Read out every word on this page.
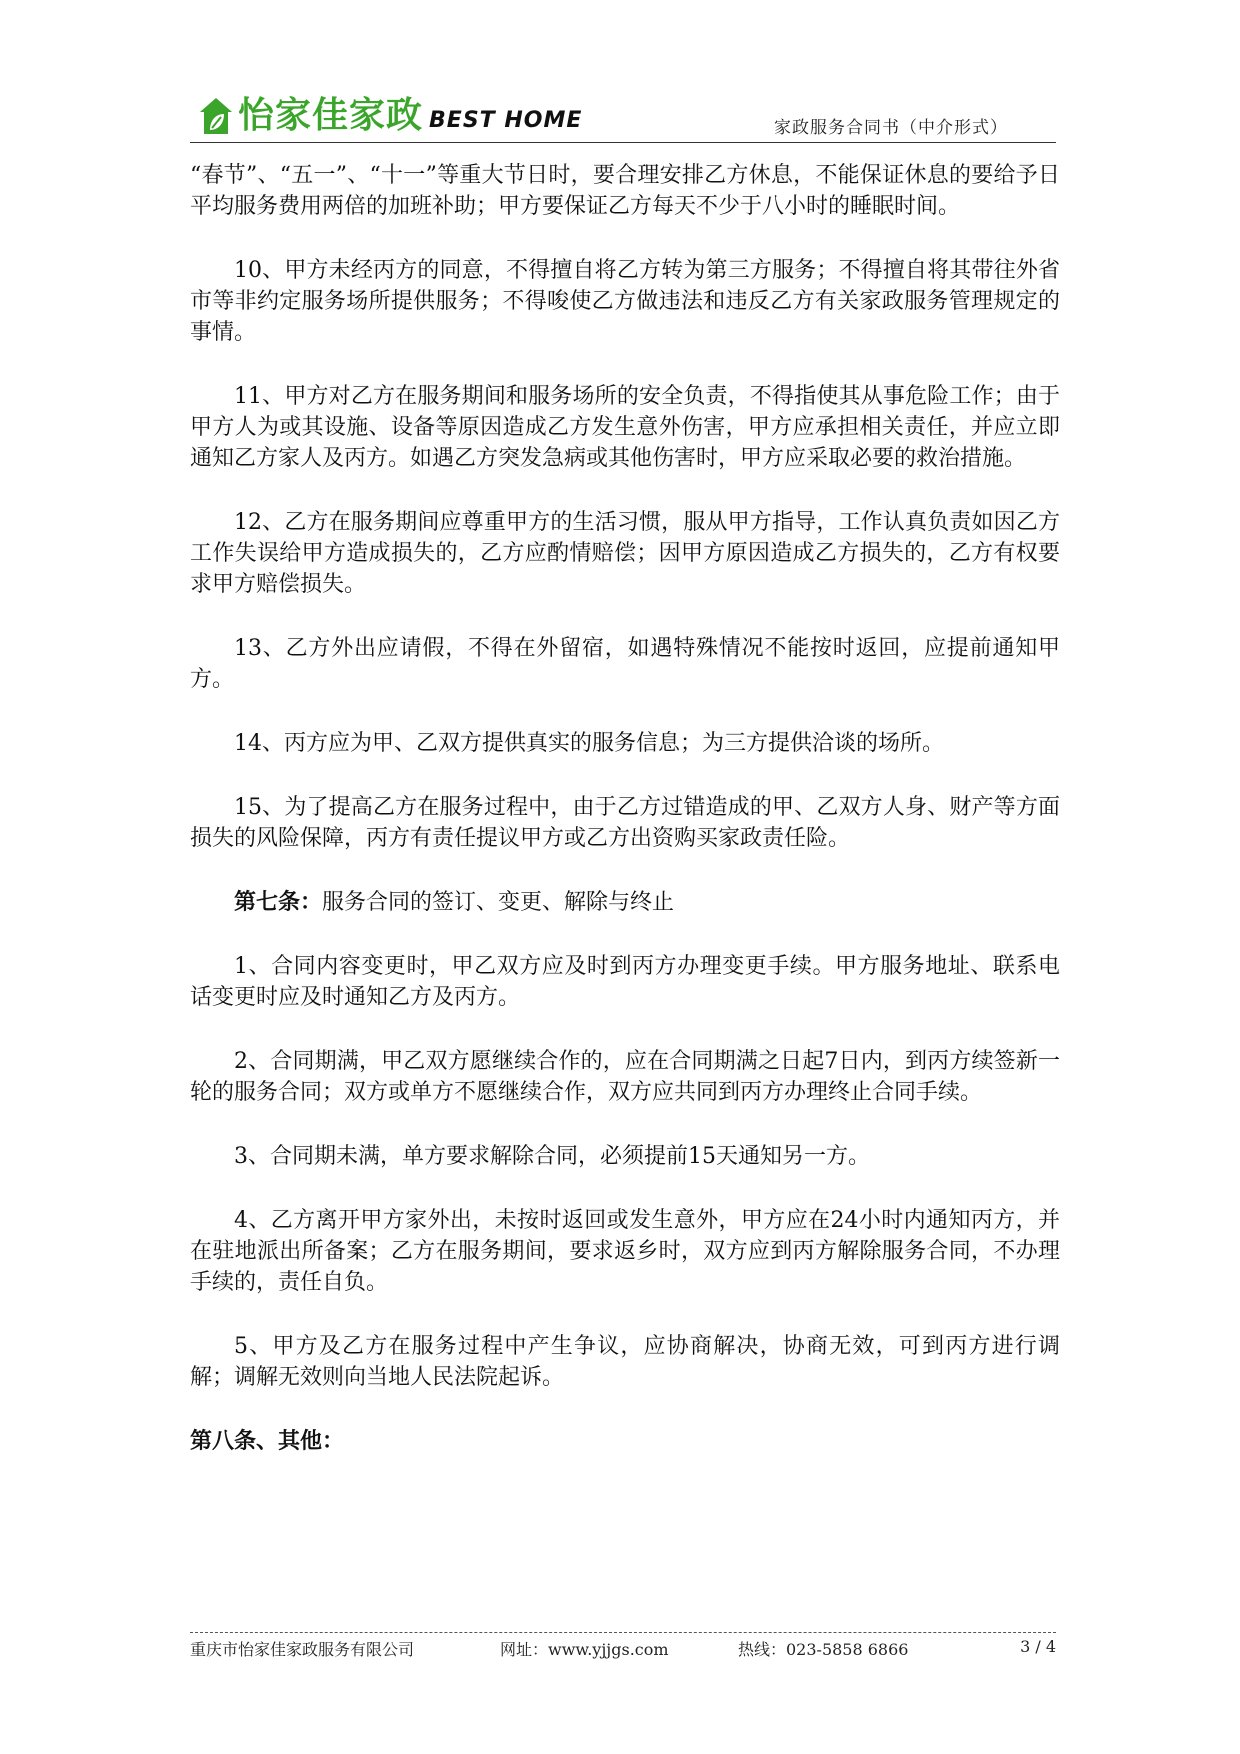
怡家佳家政 BEST HOME	家政服务合同书（中介形式）

“春节”、“五一”、“十一”等重大节日时，要合理安排乙方休息，不能保证休息的要给予日平均服务费用两倍的加班补助；甲方要保证乙方每天不少于八小时的睡眠时间。

10、甲方未经丙方的同意，不得擅自将乙方转为第三方服务；不得擅自将其带往外省市等非约定服务场所提供服务；不得唆使乙方做违法和违反乙方有关家政服务管理规定的事情。

11、甲方对乙方在服务期间和服务场所的安全负责，不得指使其从事危险工作；由于甲方人为或其设施、设备等原因造成乙方发生意外伤害，甲方应承担相关责任，并应立即通知乙方家人及丙方。如遇乙方突发急病或其他伤害时，甲方应采取必要的救治措施。

12、乙方在服务期间应尊重甲方的生活习惯，服从甲方指导，工作认真负责如因乙方工作失误给甲方造成损失的，乙方应酌情赔偿；因甲方原因造成乙方损失的，乙方有权要求甲方赔偿损失。

13、乙方外出应请假，不得在外留宿，如遇特殊情况不能按时返回，应提前通知甲方。

14、丙方应为甲、乙双方提供真实的服务信息；为三方提供洽谈的场所。

15、为了提高乙方在服务过程中，由于乙方过错造成的甲、乙双方人身、财产等方面损失的风险保障，丙方有责任提议甲方或乙方出资购买家政责任险。

第七条：服务合同的签订、变更、解除与终止

1、合同内容变更时，甲乙双方应及时到丙方办理变更手续。甲方服务地址、联系电话变更时应及时通知乙方及丙方。

2、合同期满，甲乙双方愿继续合作的，应在合同期满之日起7日内，到丙方续签新一轮的服务合同；双方或单方不愿继续合作，双方应共同到丙方办理终止合同手续。

3、合同期未满，单方要求解除合同，必须提前15天通知另一方。

4、乙方离开甲方家外出，未按时返回或发生意外，甲方应在24小时内通知丙方，并在驻地派出所备案；乙方在服务期间，要求返乡时，双方应到丙方解除服务合同，不办理手续的，责任自负。

5、甲方及乙方在服务过程中产生争议，应协商解决，协商无效，可到丙方进行调解；调解无效则向当地人民法院起诉。

第八条、其他：

重庆市怡家佳家政服务有限公司	网址：www.yjjgs.com	热线：023-5858 6866	3 / 4
